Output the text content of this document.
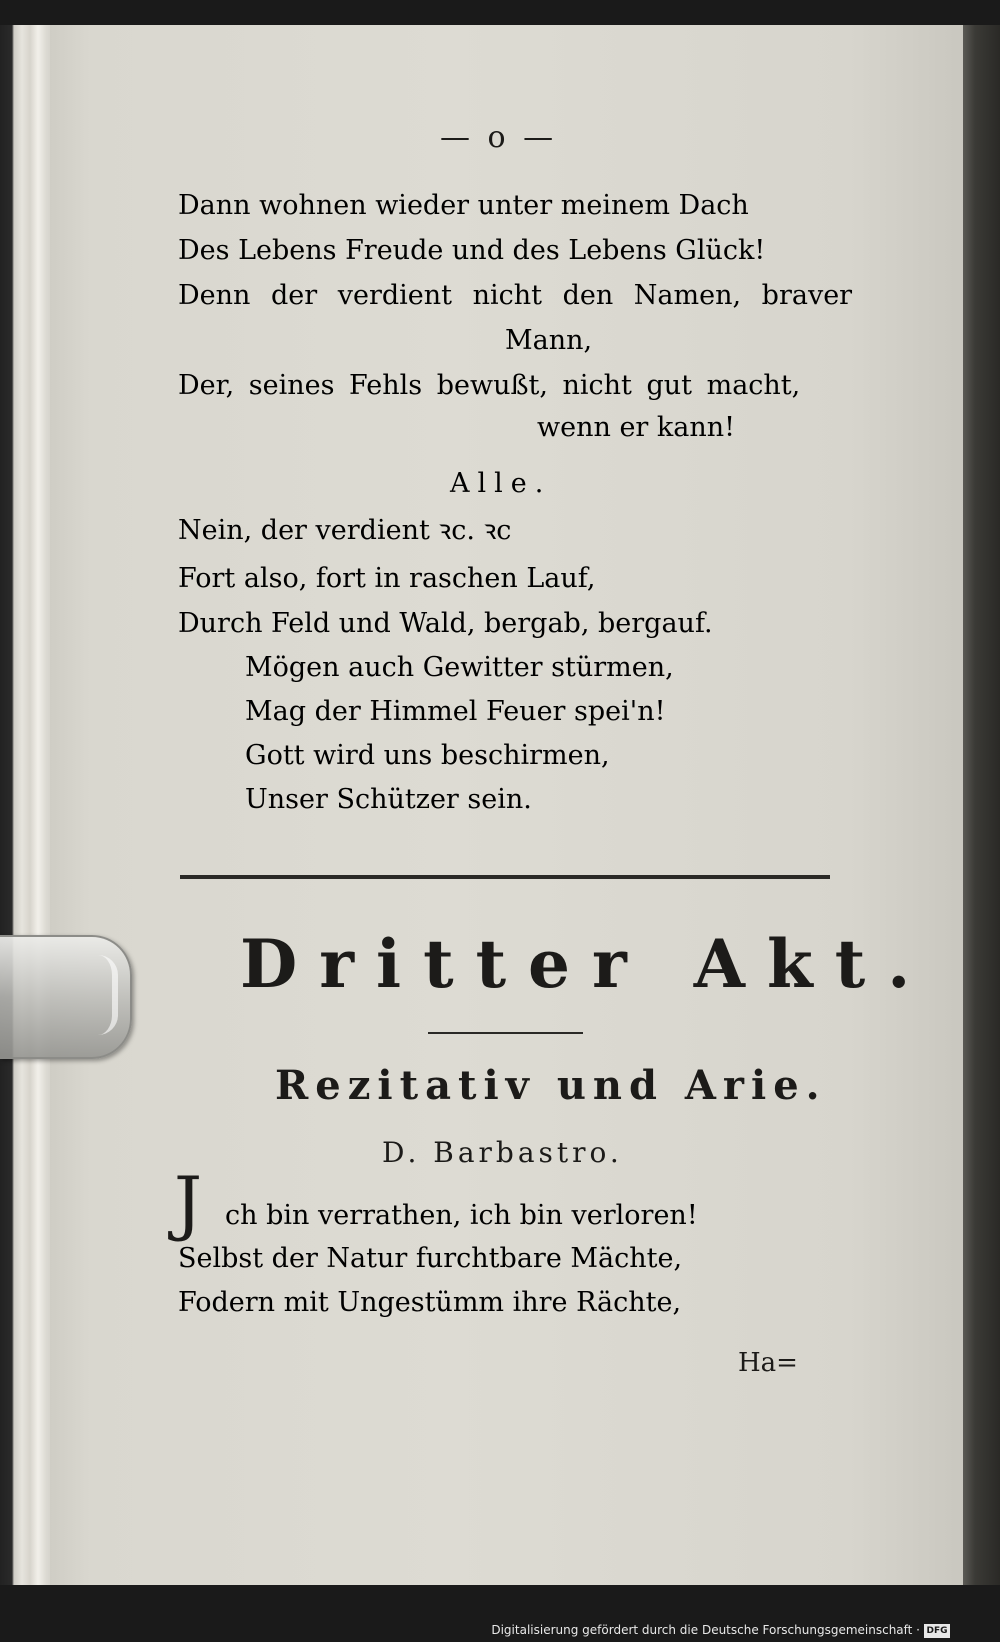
— o —
Dann wohnen wieder unter meinem Dach
Des Lebens Freude und des Lebens Glück!
Denn der verdient nicht den Namen, braver
Mann,
Der, seines Fehls bewußt, nicht gut macht,
wenn er kann!
Alle.
Nein, der verdient ꝛc. ꝛc
Fort also, fort in raschen Lauf,
Durch Feld und Wald, bergab, bergauf.
Mögen auch Gewitter stürmen,
Mag der Himmel Feuer spei'n!
Gott wird uns beschirmen,
Unser Schützer sein.
Dritter Akt.
Rezitativ und Arie.
D. Barbastro.
J ch bin verrathen, ich bin verloren!
Selbst der Natur furchtbare Mächte,
Fodern mit Ungestümm ihre Rächte,
Ha=
Digitalisierung gefördert durch die Deutsche Forschungsgemeinschaft · DFG
